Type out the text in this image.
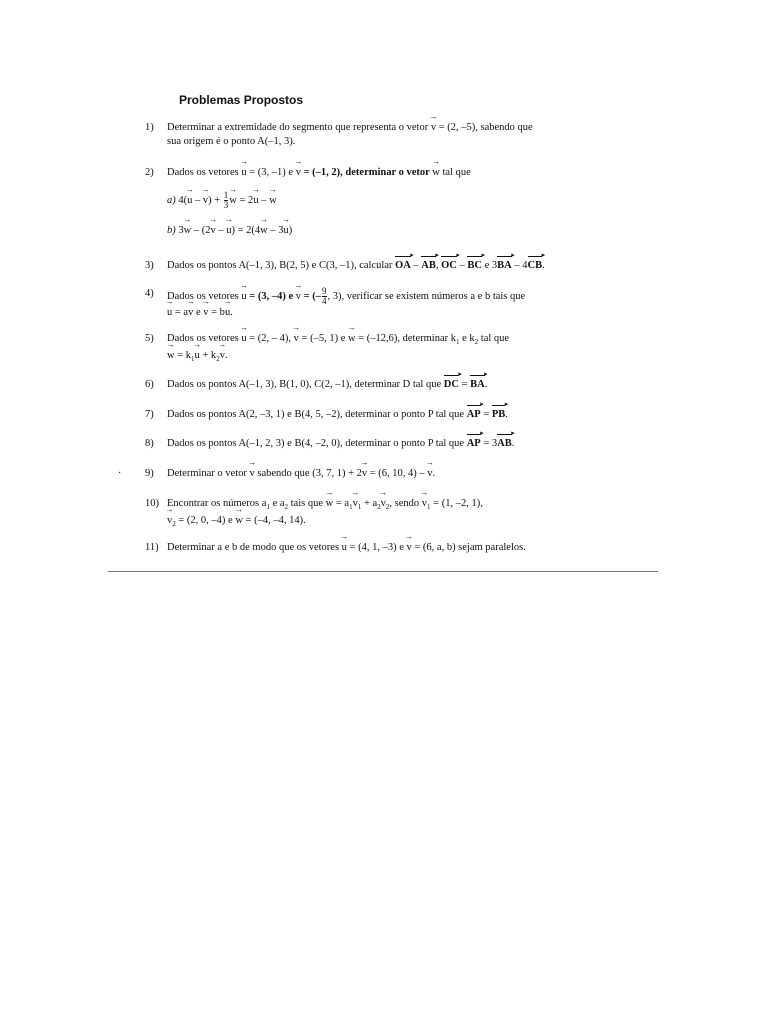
Problemas Propostos
1)	Determinar a extremidade do segmento que representa o vetor → v = (2, –5), sabendo que
sua origem é o ponto A(–1, 3).
2)	Dados os vetores → u = (3, –1) e → v = (–1, 2), determinar o vetor → w tal que
a) 4(→ u – → $v) + \frac{1}{3}$
→ w = 2→ u – → w
b) 3→ w – (2→ v – → u) = 2(4→ w – 3→ u)
3)	Dados os pontos A(–1, 3), B(2, 5) e C(3, –1), calcular OA ▸ – AB ▸, OC ▸ – BC ▸ e 3BA ▸ – 4CB ▸.
4)	Dados os vetores → u = (3, –4) e → v = (– $\frac{9}{4}$ , 3), verificar se existem números a e b tais que
→ u = a→ v e → v = b→ u.
5)	Dados os vetores → u = (2, – 4), → v = (–5, 1) e → w = (–12,6), determinar $k_1$ e $k_2$ tal que
→ $w = k_1\to u + k_2\to v$.
6)	Dados os pontos A(–1, 3), B(1, 0), C(2, –1), determinar D tal que DC ▸ = BA ▸.
7)	Dados os pontos A(2, –3, 1) e B(4, 5, –2), determinar o ponto P tal que AP ▸ = PB ▸.
8)	Dados os pontos A(–1, 2, 3) e B(4, –2, 0), determinar o ponto P tal que AP ▸ = 3AB ▸.
9)	Determinar o vetor → v sabendo que (3, 7, 1) + 2→ v = (6, 10, 4) – → v.
10) Encontrar os números $a_1$ e $a_2$ tais que → $w = a_1\to v_1 + a_2\to v_2$, sendo → $v_1 = (1$, –2, 1),
→ $v_2 = (2$, 0, –4) e → w = (–4, –4, 14).
11) Determinar a e b de modo que os vetores → u = (4, 1, –3) e → v = (6, a, b) sejam paralelos.
·
